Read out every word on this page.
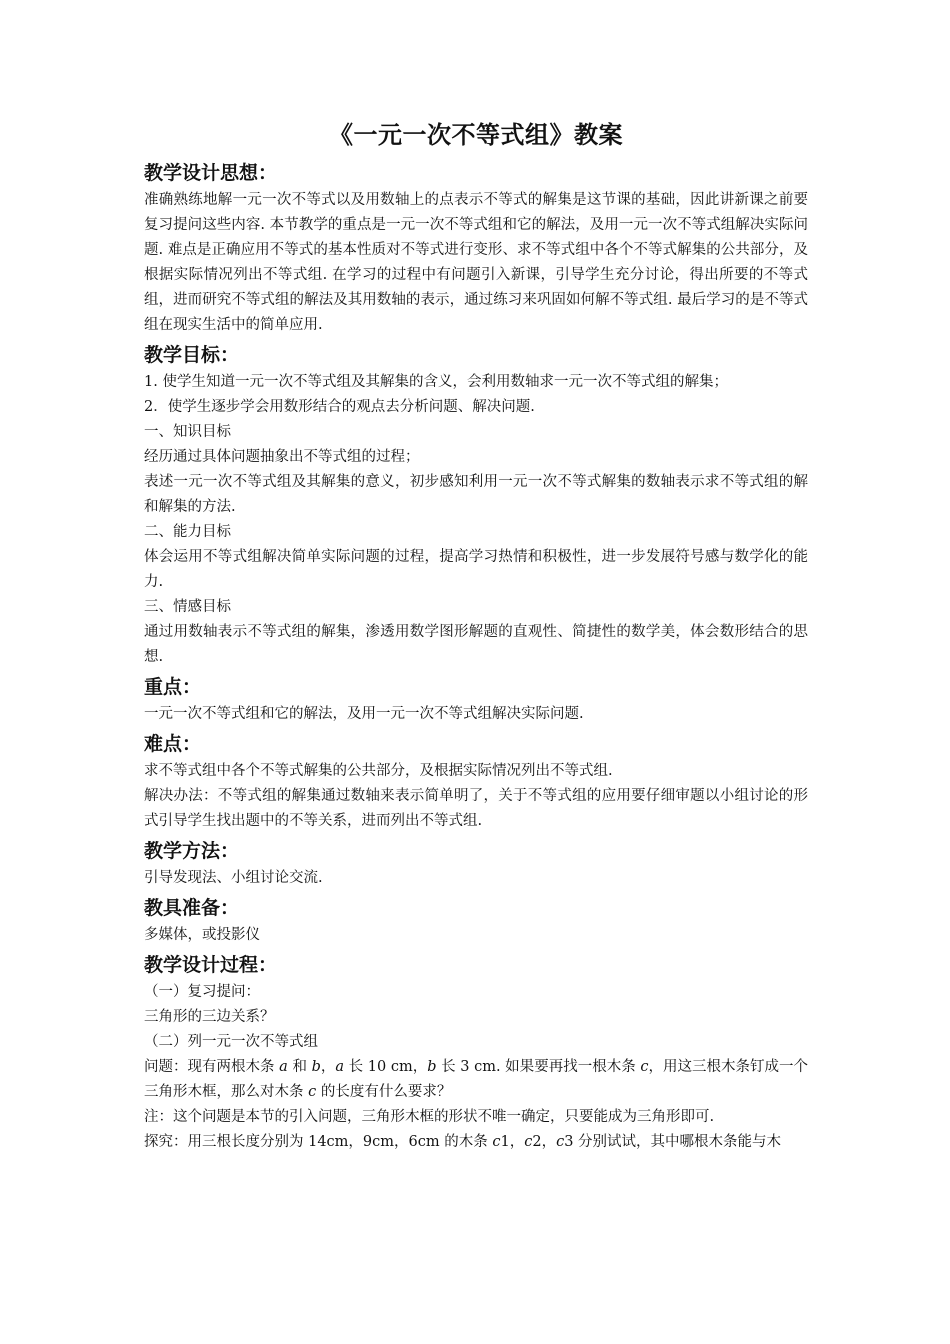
《一元一次不等式组》教案
教学设计思想：

准确熟练地解一元一次不等式以及用数轴上的点表示不等式的解集是这节课的基础，因此讲新课之前要复习提问这些内容. 本节教学的重点是一元一次不等式组和它的解法，及用一元一次不等式组解决实际问题. 难点是正确应用不等式的基本性质对不等式进行变形、求不等式组中各个不等式解集的公共部分，及根据实际情况列出不等式组. 在学习的过程中有问题引入新课，引导学生充分讨论，得出所要的不等式组，进而研究不等式组的解法及其用数轴的表示，通过练习来巩固如何解不等式组. 最后学习的是不等式组在现实生活中的简单应用.

教学目标：

1. 使学生知道一元一次不等式组及其解集的含义，会利用数轴求一元一次不等式组的解集；

2．使学生逐步学会用数形结合的观点去分析问题、解决问题.

一、知识目标

经历通过具体问题抽象出不等式组的过程；

表述一元一次不等式组及其解集的意义，初步感知利用一元一次不等式解集的数轴表示求不等式组的解和解集的方法.

二、能力目标

体会运用不等式组解决简单实际问题的过程，提高学习热情和积极性，进一步发展符号感与数学化的能力.

三、情感目标

通过用数轴表示不等式组的解集，渗透用数学图形解题的直观性、简捷性的数学美，体会数形结合的思想.

重点：

一元一次不等式组和它的解法，及用一元一次不等式组解决实际问题.

难点：

求不等式组中各个不等式解集的公共部分，及根据实际情况列出不等式组.

解决办法：不等式组的解集通过数轴来表示简单明了，关于不等式组的应用要仔细审题以小组讨论的形式引导学生找出题中的不等关系，进而列出不等式组.

教学方法：

引导发现法、小组讨论交流.

教具准备：

多媒体，或投影仪

教学设计过程：

（一）复习提问：

三角形的三边关系？

（二）列一元一次不等式组

问题：现有两根木条 a 和 b，a 长 10 cm，b 长 3 cm. 如果要再找一根木条 c，用这三根木条钉成一个三角形木框，那么对木条 c 的长度有什么要求？

注：这个问题是本节的引入问题，三角形木框的形状不唯一确定，只要能成为三角形即可.

探究：用三根长度分别为 14cm，9cm，6cm 的木条 c1，c2，c3 分别试试，其中哪根木条能与木
